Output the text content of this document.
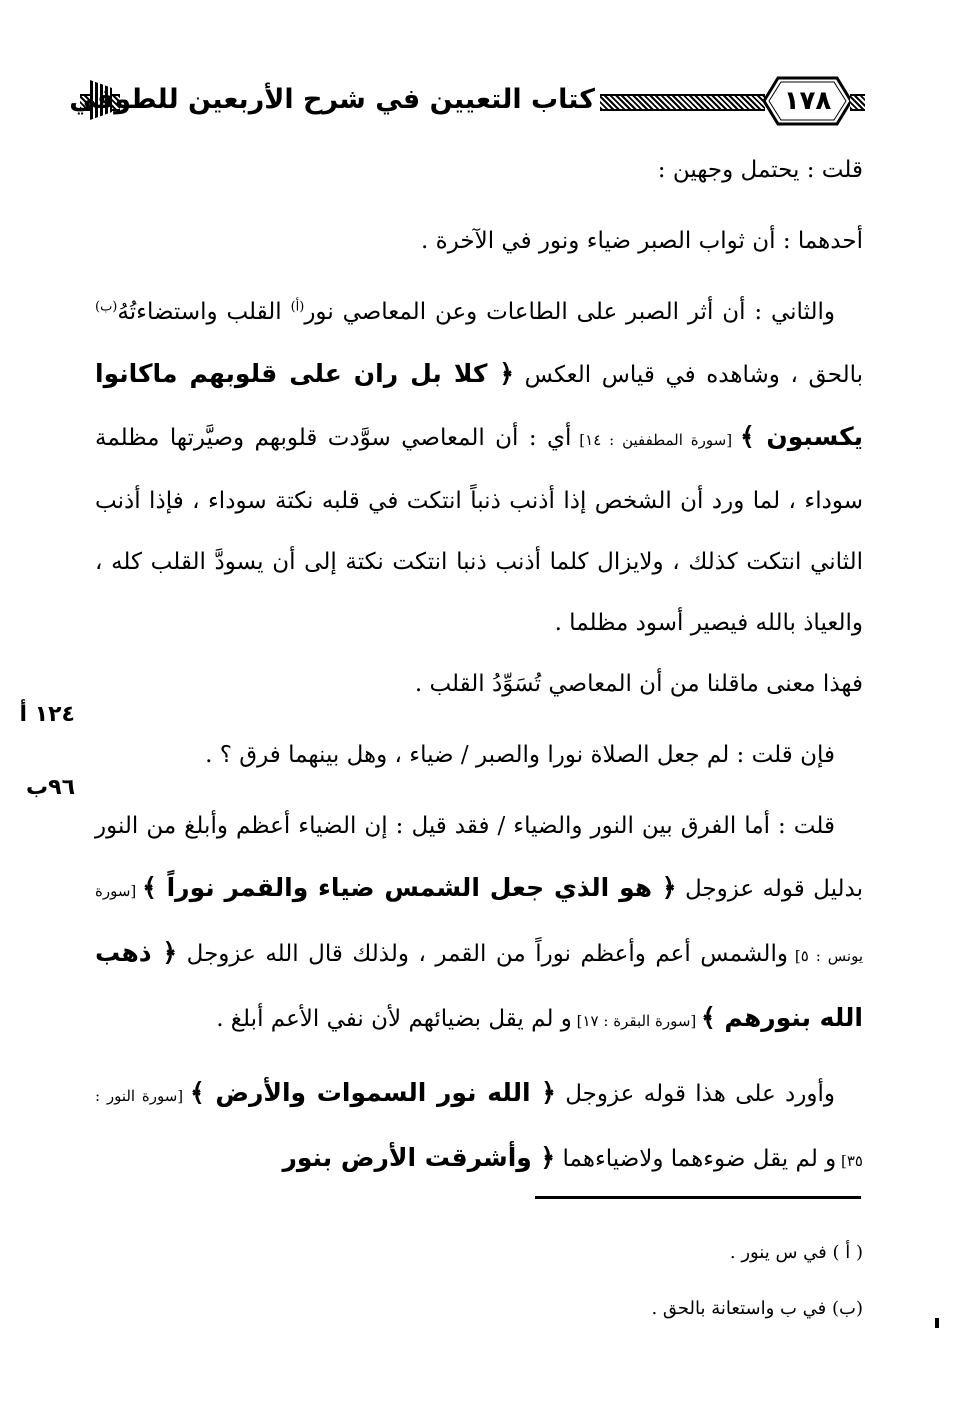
كتاب التعيين في شرح الأربعين للطوفي	١٧٨

قلت : يحتمل وجهين :

أحدهما : أن ثواب الصبر ضياء ونور في الآخرة .

والثاني : أن أثر الصبر على الطاعات وعن المعاصي نور$^{(أ)}$ القلب واستضاءتُهُ$^{(ب)}$ بالحق ، وشاهده في قياس العكس ﴿ كلا بل ران على قلوبهم ماكانوا يكسبون ﴾ [سورة المطففين : ١٤] أي : أن المعاصي سوَّدت قلوبهم وصيَّرتها مظلمة سوداء ، لما ورد أن الشخص إذا أذنب ذنباً انتكت في قلبه نكتة سوداء ، فإذا أذنب الثاني انتكت كذلك ، ولايزال كلما أذنب ذنبا انتكت نكتة إلى أن يسودَّ القلب كله ، والعياذ بالله فيصير أسود مظلما .
فهذا معنى ماقلنا من أن المعاصي تُسَوِّدُ القلب .

فإن قلت : لم جعل الصلاة نورا والصبر / ضياء ، وهل بينهما فرق ؟ .

قلت : أما الفرق بين النور والضياء / فقد قيل : إن الضياء أعظم وأبلغ من النور بدليل قوله عزوجل ﴿ هو الذي جعل الشمس ضياء والقمر نوراً ﴾ [سورة يونس : ٥] والشمس أعم وأعظم نوراً من القمر ، ولذلك قال الله عزوجل ﴿ ذهب الله بنورهم ﴾ [سورة البقرة : ١٧] و لم يقل بضيائهم لأن نفي الأعم أبلغ .

وأورد على هذا قوله عزوجل ﴿ الله نور السموات والأرض ﴾ [سورة النور : ٣٥] و لم يقل ضوءهما ولاضياءهما ﴿ وأشرقت الأرض بنور

١٢٤ أ
٩٦ب
( أ ) في س ينور .
(ب) في ب واستعانة بالحق .
